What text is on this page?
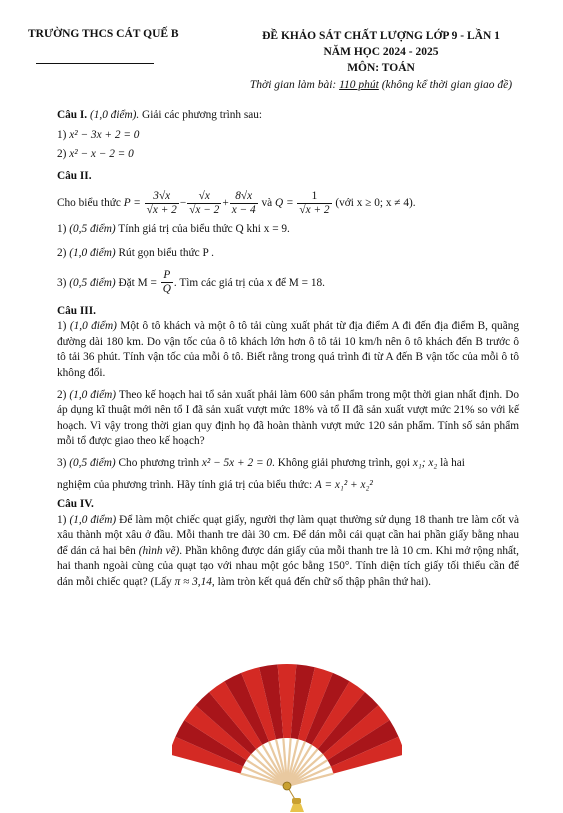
TRƯỜNG THCS CÁT QUẾ B	ĐỀ KHẢO SÁT CHẤT LƯỢNG LỚP 9 - LẦN 1
NĂM HỌC 2024 - 2025
MÔN: TOÁN
Thời gian làm bài: 110 phút (không kể thời gian giao đề)

Câu I. (1,0 điểm). Giải các phương trình sau:

1) x² − 3x + 2 = 0

2) x² − x − 2 = 0

Câu II.

Cho biểu thức $P = \frac{3√x}{√x + 2} - \frac{√x}{√x - 2} + \frac{8√x}{x - 4}$ và $Q = \frac{1}{√x + 2}$ (với x ≥ 0; x ≠ 4).

1) (0,5 điểm) Tính giá trị của biểu thức Q khi x = 9.

2) (1,0 điểm) Rút gọn biểu thức P .

3) (0,5 điểm) Đặt $M = \frac{P}{Q}$ . Tìm các giá trị của x để M = 18.

Câu III.

1) (1,0 điểm) Một ô tô khách và một ô tô tải cùng xuất phát từ địa điểm A đi đến địa điểm B, quãng đường dài 180 km. Do vận tốc của ô tô khách lớn hơn ô tô tải 10 km/h nên ô tô khách đến B trước ô tô tải 36 phút. Tính vận tốc của mỗi ô tô. Biết rằng trong quá trình đi từ A đến B vận tốc của mỗi ô tô không đổi.

2) (1,0 điểm) Theo kế hoạch hai tổ sản xuất phải làm 600 sản phẩm trong một thời gian nhất định. Do áp dụng kĩ thuật mới nên tổ I đã sản xuất vượt mức 18% và tổ II đã sản xuất vượt mức 21% so với kế hoạch. Vì vậy trong thời gian quy định họ đã hoàn thành vượt mức 120 sản phẩm. Tính số sản phẩm mỗi tổ được giao theo kế hoạch?

3) (0,5 điểm) Cho phương trình x² − 5x + 2 = 0. Không giải phương trình, gọi x₁; x₂ là hai

nghiệm của phương trình. Hãy tính giá trị của biểu thức: A = x₁² + x₂²

Câu IV.

1) (1,0 điểm) Để làm một chiếc quạt giấy, người thợ làm quạt thường sử dụng 18 thanh tre làm cốt và xâu thành một xâu ở đầu. Mỗi thanh tre dài 30 cm. Để dán mỗi cái quạt cần hai phần giấy bằng nhau để dán cả hai bên (hình vẽ). Phần không được dán giấy của mỗi thanh tre là 10 cm. Khi mở rộng nhất, hai thanh ngoài cùng của quạt tạo với nhau một góc bằng 150°. Tính diện tích giấy tối thiểu cần để dán mỗi chiếc quạt? (Lấy π ≈ 3,14, làm tròn kết quả đến chữ số thập phân thứ hai).
